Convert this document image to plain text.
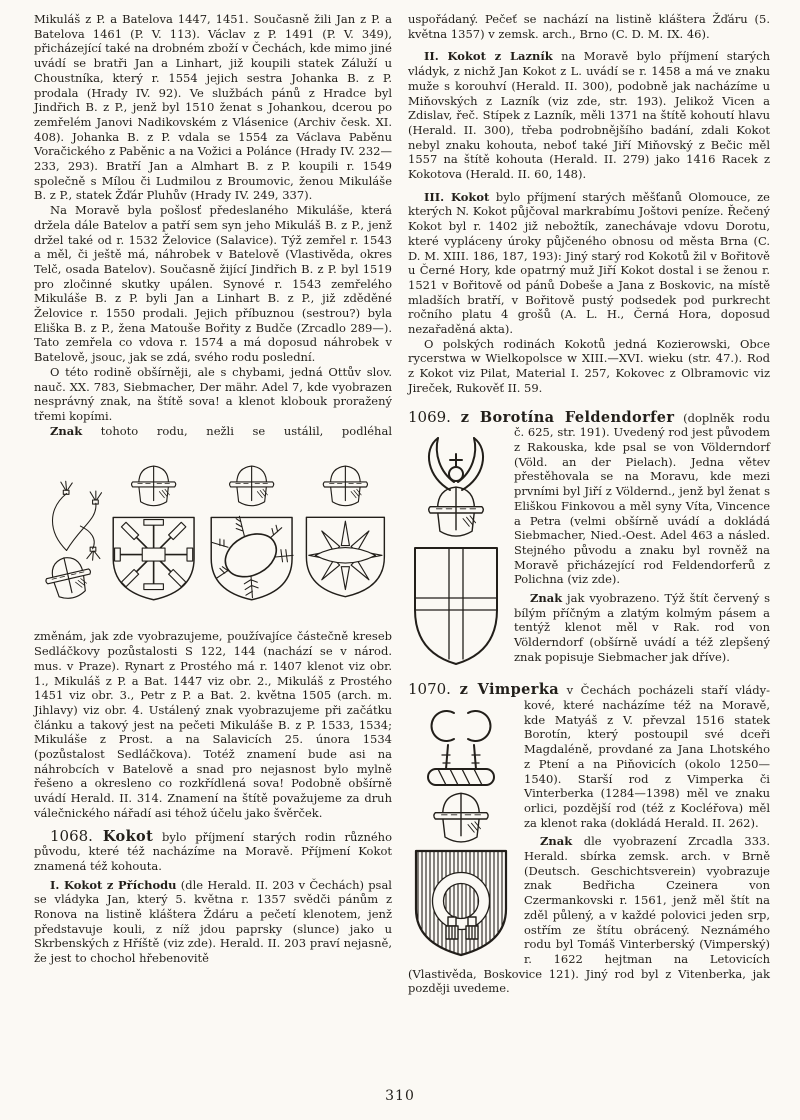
Mikuláš z P. a Batelova 1447, 1451. Současně žili Jan z P. a Batelova 1461 (P. V. 113). Václav z P. 1491 (P. V. 349), přicházející také na drobném zboží v Čechách, kde mimo jiné uvádí se bratři Jan a Linhart, již koupili statek Záluží u Choustníka, který r. 1554 jejich sestra Johanka B. z P. prodala (Hrady IV. 92). Ve službách pánů z Hradce byl Jindřich B. z P., jenž byl 1510 ženat s Johankou, dcerou po zemřelém Janovi Nadikovském z Vlásenice (Archiv česk. XI. 408). Johanka B. z P. vdala se 1554 za Václava Paběnu Voračického z Paběnic a na Vožici a Polánce (Hrady IV. 232—233, 293). Bratří Jan a Almhart B. z P. koupili r. 1549 společně s Mílou či Ludmilou z Broumovic, ženou Mikuláše B. z P., statek Žďár Pluhův (Hrady IV. 249, 337).

Na Moravě byla pošlosť předeslaného Mikuláše, která držela dále Batelov a patří sem syn jeho Mikuláš B. z P., jenž držel také od r. 1532 Želovice (Salavice). Týž zemřel r. 1543 a měl, či ještě má, náhrobek v Batelově (Vlastivěda, okres Telč, osada Batelov). Současně žijící Jindřich B. z P. byl 1519 pro zločinné skutky upálen. Synové r. 1543 zemřelého Mikuláše B. z P. byli Jan a Linhart B. z P., již zděděné Želovice r. 1550 prodali. Jejich příbuznou (sestrou?) byla Eliška B. z P., žena Matouše Bořity z Budče (Zrcadlo 289—). Tato zemřela co vdova r. 1574 a má doposud náhrobek v Batelově, jsouc, jak se zdá, svého rodu poslední.

O této rodině obšírněji, ale s chybami, jedná Ottův slov. nauč. XX. 783, Siebmacher, Der mähr. Adel 7, kde vyobrazen nesprávný znak, na štítě sova! a klenot klobouk proražený třemi kopími.

Znak tohoto rodu, nežli se ustálil, podléhal

změnám, jak zde vyobrazujeme, používajíce částečně kreseb Sedláčkovy pozůstalosti S 122, 144 (nachází se v národ. mus. v Praze). Rynart z Prostého má r. 1407 klenot viz obr. 1., Mikuláš z P. a Bat. 1447 viz obr. 2., Mikuláš z Prostého 1451 viz obr. 3., Petr z P. a Bat. 2. května 1505 (arch. m. Jihlavy) viz obr. 4. Ustálený znak vyobrazujeme při začátku článku a takový jest na pečeti Mikuláše B. z P. 1533, 1534; Mikuláše z Prost. a na Salavicích 25. února 1534 (pozůstalost Sedláčkova). Totéž znamení bude asi na náhrobcích v Batelově a snad pro nejasnost bylo mylně řešeno a okresleno co rozkřídlená sova! Podobně obšírně uvádí Herald. II. 314. Znamení na štítě považujeme za druh válečnického nářadí asi téhož účelu jako švěrček.

1068. Kokot bylo příjmení starých rodin různého původu, které též nacházíme na Moravě. Příjmení Kokot znamená též kohouta.

I. Kokot z Příchodu (dle Herald. II. 203 v Čechách) psal se vládyka Jan, který 5. května r. 1357 svědči pánům z Ronova na listině kláštera Ždáru a pečetí klenotem, jenž představuje kouli, z níž jdou paprsky (slunce) jako u Skrbenských z Hříště (viz zde). Herald. II. 203 praví nejasně, že jest to chochol hřebenovitě

uspořádaný. Pečeť se nachází na listině kláštera Žďáru (5. května 1357) v zemsk. arch., Brno (C. D. M. IX. 46).

II. Kokot z Lazník na Moravě bylo příjmení starých vládyk, z nichž Jan Kokot z L. uvádí se r. 1458 a má ve znaku muže s korouhví (Herald. II. 300), podobně jak nacházíme u Miňovských z Lazník (viz zde, str. 193). Jelikož Vicen a Zdislav, řeč. Stípek z Lazník, měli 1371 na štítě kohoutí hlavu (Herald. II. 300), třeba podrobnějšího badání, zdali Kokot nebyl znaku kohouta, neboť také Jiří Miňovský z Bečic měl 1557 na štítě kohouta (Herald. II. 279) jako 1416 Racek z Kokotova (Herald. II. 60, 148).

III. Kokot bylo příjmení starých měšťanů Olomouce, ze kterých N. Kokot půjčoval markrabímu Joštovi peníze. Řečený Kokot byl r. 1402 již nebožtík, zanechávaje vdovu Dorotu, které vypláceny úroky půjčeného obnosu od města Brna (C. D. M. XIII. 186, 187, 193): Jiný starý rod Kokotů žil v Bořitově u Černé Hory, kde opatrný muž Jiří Kokot dostal i se ženou r. 1521 v Bořitově od pánů Dobeše a Jana z Boskovic, na místě mladších bratří, v Bořitově pustý podsedek pod purkrecht ročního platu 4 grošů (A. L. H., Černá Hora, doposud nezařaděná akta).

O polských rodinách Kokotů jedná Kozierowski, Obce rycerstwa w Wielkopolsce w XIII.—XVI. wieku (str. 47.). Rod z Kokot viz Pilat, Material I. 257, Kokovec z Olbramovic viz Jireček, Rukověť II. 59.

1069. z Borotína Feldendorfer (doplněk rodu

č. 625, str. 191). Uvedený rod jest původem z Rakouska, kde psal se von Völderndorf (Völd. an der Pielach). Jedna větev přestěhovala se na Moravu, kde mezi prvními byl Jiří z Völdernd., jenž byl ženat s Eliškou Finkovou a měl syny Víta, Vincence a Petra (velmi obšírně uvádí a dokládá Siebmacher, Nied.-Oest. Adel 463 a násled. Stejného původu a znaku byl rovněž na Moravě přicházející rod Feldendorferů z Polichna (viz zde).

Znak jak vyobrazeno. Týž štít červený s bílým příčným a zlatým kolmým pásem a tentýž klenot měl v Rak. rod von Völderndorf (obšírně uvádí a též zlepšený znak popisuje Siebmacher jak dříve).

1070. z Vimperka v Čechách pocházeli staří vlády-

kové, které nacházíme též na Moravě, kde Matyáš z V. převzal 1516 statek Borotín, který postoupil své dceři Magdaléně, provdané za Jana Lhotského z Ptení a na Piňovicích (okolo 1250—1540). Starší rod z Vimperka či Vinterberka (1284—1398) měl ve znaku orlici, pozdější rod (též z Kocléřova) měl za klenot raka (dokládá Herald. II. 262).

Znak dle vyobrazení Zrcadla 333. Herald. sbírka zemsk. arch. v Brně (Deutsch. Geschichtsverein) vyobrazuje znak Bedřicha Czeinera von Czermankovski r. 1561, jenž měl štít na zděl půlený, a v každé polovici jeden srp, ostřím ze štítu obrácený. Neznámého rodu byl Tomáš Vinterberský (Vimperský) r. 1622 hejtman na Letovicích (Vlastivěda, Boskovice 121). Jiný rod byl z Vitenberka, jak později uvedeme.

310
